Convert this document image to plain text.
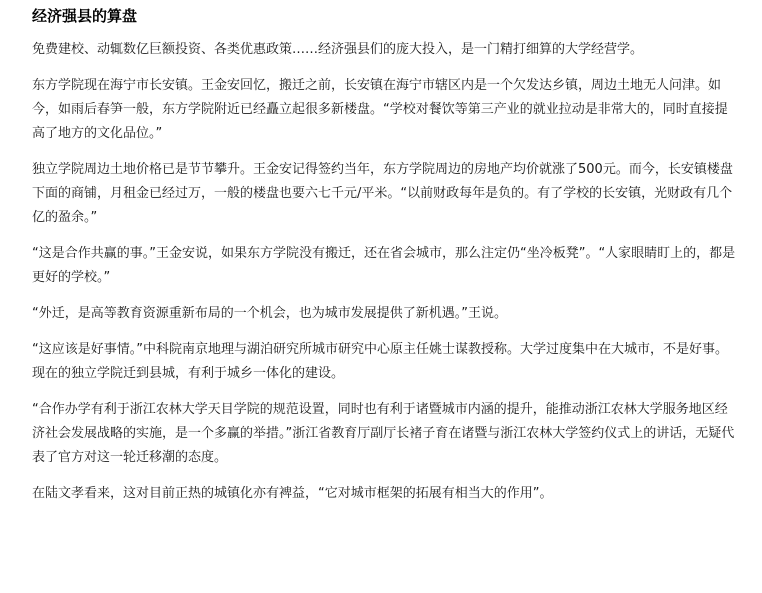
经济强县的算盘

免费建校、动辄数亿巨额投资、各类优惠政策……经济强县们的庞大投入，是一门精打细算的大学经营学。

东方学院现在海宁市长安镇。王金安回忆，搬迁之前，长安镇在海宁市辖区内是一个欠发达乡镇，周边土地无人问津。如今，如雨后春笋一般，东方学院附近已经矗立起很多新楼盘。“学校对餐饮等第三产业的就业拉动是非常大的，同时直接提高了地方的文化品位。”

独立学院周边土地价格已是节节攀升。王金安记得签约当年，东方学院周边的房地产均价就涨了500元。而今，长安镇楼盘下面的商铺，月租金已经过万，一般的楼盘也要六七千元/平米。“以前财政每年是负的。有了学校的长安镇，光财政有几个亿的盈余。”

“这是合作共赢的事。”王金安说，如果东方学院没有搬迁，还在省会城市，那么注定仍“坐冷板凳”。“人家眼睛盯上的，都是更好的学校。”

“外迁，是高等教育资源重新布局的一个机会，也为城市发展提供了新机遇。”王说。

“这应该是好事情。”中科院南京地理与湖泊研究所城市研究中心原主任姚士谋教授称。大学过度集中在大城市，不是好事。现在的独立学院迁到县城，有利于城乡一体化的建设。

“合作办学有利于浙江农林大学天目学院的规范设置，同时也有利于诸暨城市内涵的提升，能推动浙江农林大学服务地区经济社会发展战略的实施，是一个多赢的举措。”浙江省教育厅副厅长褚子育在诸暨与浙江农林大学签约仪式上的讲话，无疑代表了官方对这一轮迁移潮的态度。

在陆文孝看来，这对目前正热的城镇化亦有裨益，“它对城市框架的拓展有相当大的作用”。
